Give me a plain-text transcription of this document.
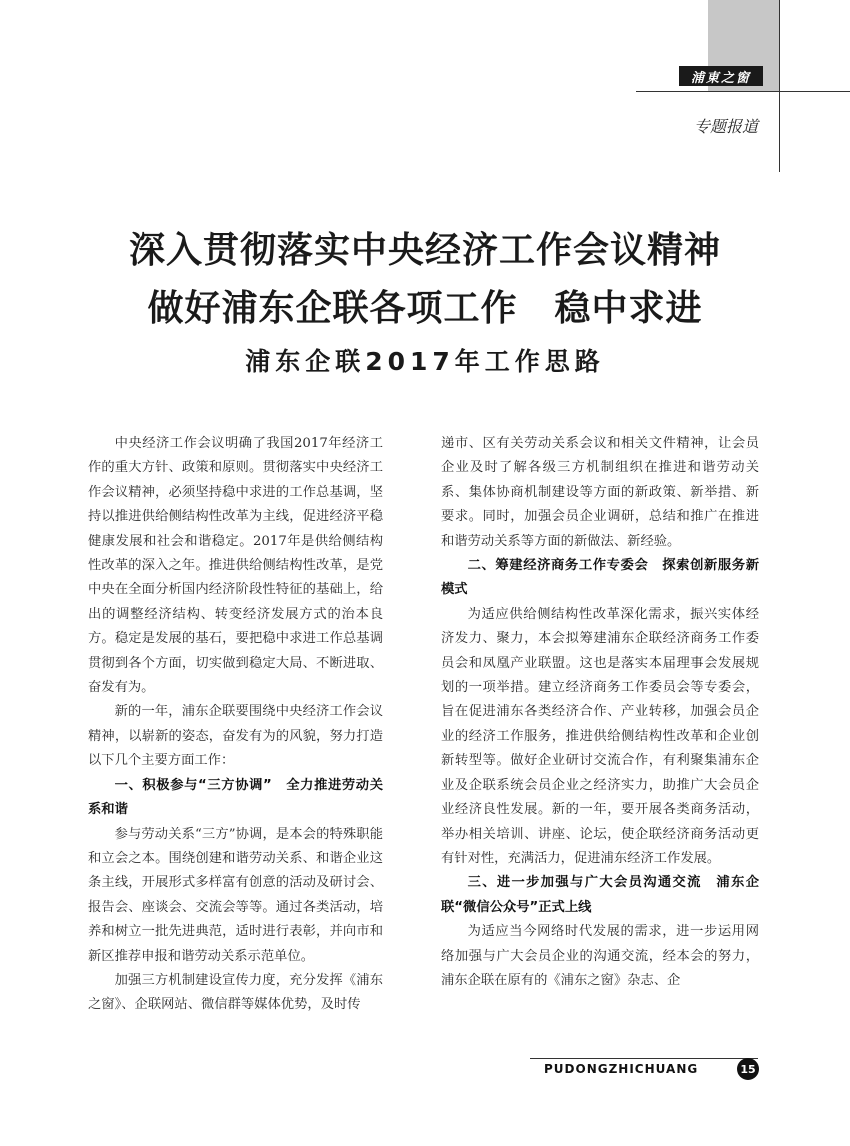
浦東之窗
专题报道
深入贯彻落实中央经济工作会议精神
做好浦东企联各项工作　稳中求进
浦东企联2017年工作思路

中央经济工作会议明确了我国2017年经济工作的重大方针、政策和原则。贯彻落实中央经济工作会议精神，必须坚持稳中求进的工作总基调，坚持以推进供给侧结构性改革为主线，促进经济平稳健康发展和社会和谐稳定。2017年是供给侧结构性改革的深入之年。推进供给侧结构性改革，是党中央在全面分析国内经济阶段性特征的基础上，给出的调整经济结构、转变经济发展方式的治本良方。稳定是发展的基石，要把稳中求进工作总基调贯彻到各个方面，切实做到稳定大局、不断进取、奋发有为。

新的一年，浦东企联要围绕中央经济工作会议精神，以崭新的姿态，奋发有为的风貌，努力打造以下几个主要方面工作：

一、积极参与“三方协调”　全力推进劳动关系和谐

参与劳动关系“三方”协调，是本会的特殊职能和立会之本。围绕创建和谐劳动关系、和谐企业这条主线，开展形式多样富有创意的活动及研讨会、报告会、座谈会、交流会等等。通过各类活动，培养和树立一批先进典范，适时进行表彰，并向市和新区推荐申报和谐劳动关系示范单位。

加强三方机制建设宣传力度，充分发挥《浦东之窗》、企联网站、微信群等媒体优势，及时传

递市、区有关劳动关系会议和相关文件精神，让会员企业及时了解各级三方机制组织在推进和谐劳动关系、集体协商机制建设等方面的新政策、新举措、新要求。同时，加强会员企业调研，总结和推广在推进和谐劳动关系等方面的新做法、新经验。

二、筹建经济商务工作专委会　探索创新服务新模式

为适应供给侧结构性改革深化需求，振兴实体经济发力、聚力，本会拟筹建浦东企联经济商务工作委员会和凤凰产业联盟。这也是落实本届理事会发展规划的一项举措。建立经济商务工作委员会等专委会，旨在促进浦东各类经济合作、产业转移，加强会员企业的经济工作服务，推进供给侧结构性改革和企业创新转型等。做好企业研讨交流合作，有利聚集浦东企业及企联系统会员企业之经济实力，助推广大会员企业经济良性发展。新的一年，要开展各类商务活动，举办相关培训、讲座、论坛，使企联经济商务活动更有针对性，充满活力，促进浦东经济工作发展。

三、进一步加强与广大会员沟通交流　浦东企联“微信公众号”正式上线

为适应当今网络时代发展的需求，进一步运用网络加强与广大会员企业的沟通交流，经本会的努力，浦东企联在原有的《浦东之窗》杂志、企

PUDONGZHICHUANG	15
